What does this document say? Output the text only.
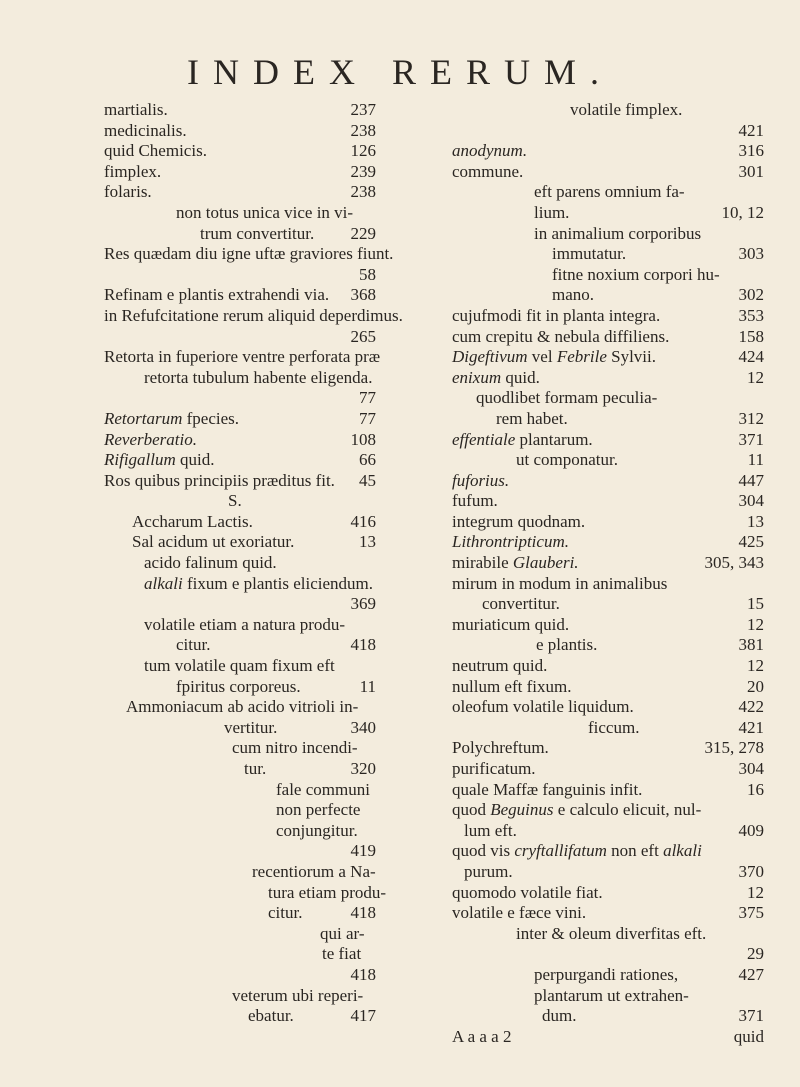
INDEX RERUM.
martialis.	237
medicinalis.	238
quid Chemicis.	126
fimplex.	239
folaris.	238
non totus unica vice in vi-
trum convertitur. 229
Res quædam diu igne uftæ graviores fiunt.
58
Refinam e plantis extrahendi via. 368
in Refufcitatione rerum aliquid deperdimus.
265
Retorta in fuperiore ventre perforata præ
retorta tubulum habente eligenda.
77
Retortarum fpecies.	77
Reverberatio.	108
Rifigallum quid.	66
Ros quibus principiis præditus fit. 45
S.
Accharum Lactis.	416
Sal acidum ut exoriatur.	13
acido falinum quid.
alkali fixum e plantis eliciendum.
369
volatile etiam a natura produ-
citur.	418
tum volatile quam fixum eft
fpiritus corporeus.	11
Ammoniacum ab acido vitrioli in-
vertitur.	340
cum nitro incendi-
tur.	320
fale communi
non perfecte
conjungitur.
419
recentiorum a Na-
tura etiam produ-
citur.	418
qui ar-
te fiat
418
veterum ubi reperi-
ebatur.	417
volatile fimplex.
421
anodynum.	316
commune.	301
eft parens omnium fa-
lium.	10, 12
in animalium corporibus
immutatur.	303
fitne noxium corpori hu-
mano.	302
cujufmodi fit in planta integra.	353
cum crepitu & nebula diffiliens.	158
Digeftivum vel Febrile Sylvii.	424
enixum quid.	12
quodlibet formam peculia-
rem habet.	312
effentiale plantarum.	371
ut componatur.	11
fuforius.	447
fufum.	304
integrum quodnam.	13
Lithrontripticum.	425
mirabile Glauberi.	305, 343
mirum in modum in animalibus
convertitur.	15
muriaticum quid.	12
e plantis.	381
neutrum quid.	12
nullum eft fixum.	20
oleofum volatile liquidum.	422
ficcum.	421
Polychreftum.	315, 278
purificatum.	304
quale Maffæ fanguinis infit.	16
quod Beguinus e calculo elicuit, nul-
lum eft.	409
quod vis cryftallifatum non eft alkali
purum.	370
quomodo volatile fiat.	12
volatile e fæce vini.	375
inter & oleum diverfitas eft.
29
perpurgandi rationes,	427
plantarum ut extrahen-
dum.	371
A a a a 2	quid
